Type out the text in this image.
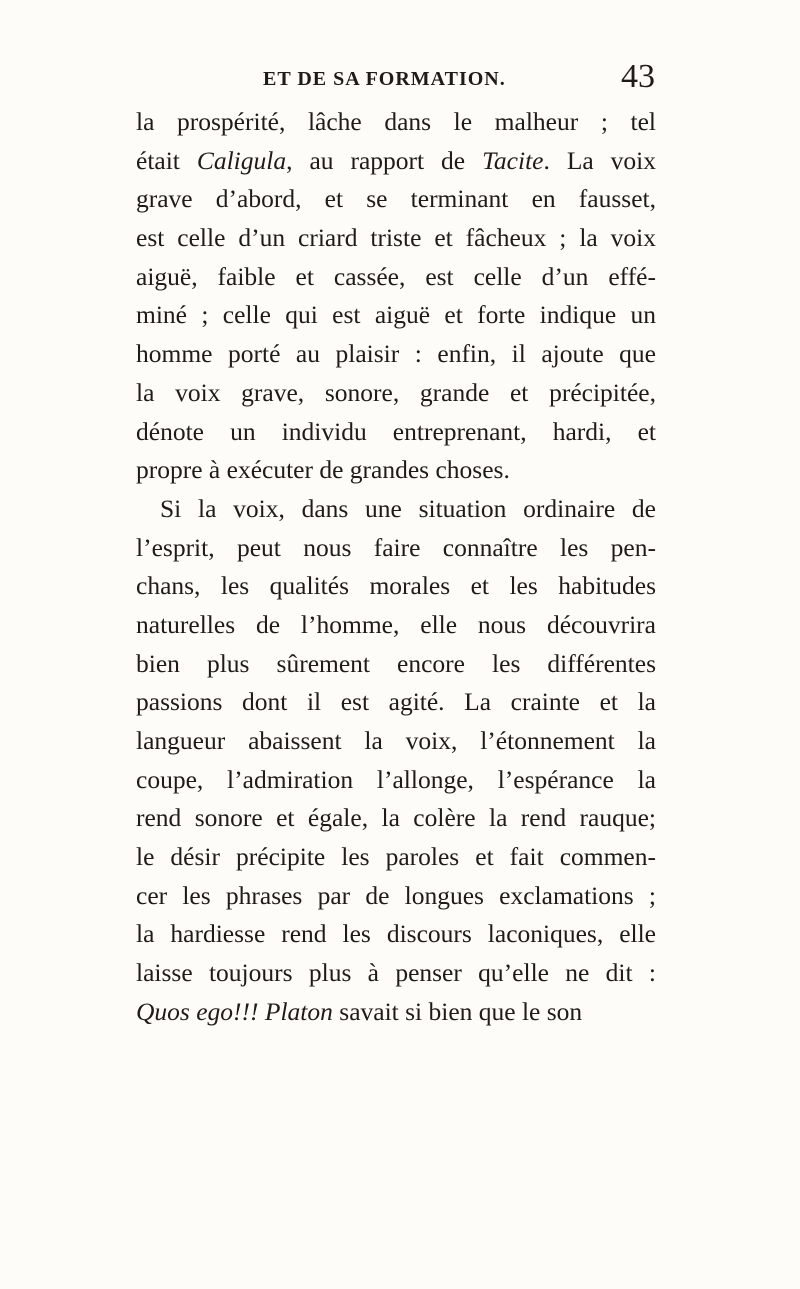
ET DE SA FORMATION.	43
la prospérité, lâche dans le malheur ; tel
était Caligula, au rapport de Tacite. La voix
grave d’abord, et se terminant en fausset,
est celle d’un criard triste et fâcheux ; la voix
aiguë, faible et cassée, est celle d’un effé-
miné ; celle qui est aiguë et forte indique un
homme porté au plaisir : enfin, il ajoute que
la voix grave, sonore, grande et précipitée,
dénote un individu entreprenant, hardi, et
propre à exécuter de grandes choses.
Si la voix, dans une situation ordinaire de
l’esprit, peut nous faire connaître les pen-
chans, les qualités morales et les habitudes
naturelles de l’homme, elle nous découvrira
bien plus sûrement encore les différentes
passions dont il est agité. La crainte et la
langueur abaissent la voix, l’étonnement la
coupe, l’admiration l’allonge, l’espérance la
rend sonore et égale, la colère la rend rauque;
le désir précipite les paroles et fait commen-
cer les phrases par de longues exclamations ;
la hardiesse rend les discours laconiques, elle
laisse toujours plus à penser qu’elle ne dit :
Quos ego!!! Platon savait si bien que le son
